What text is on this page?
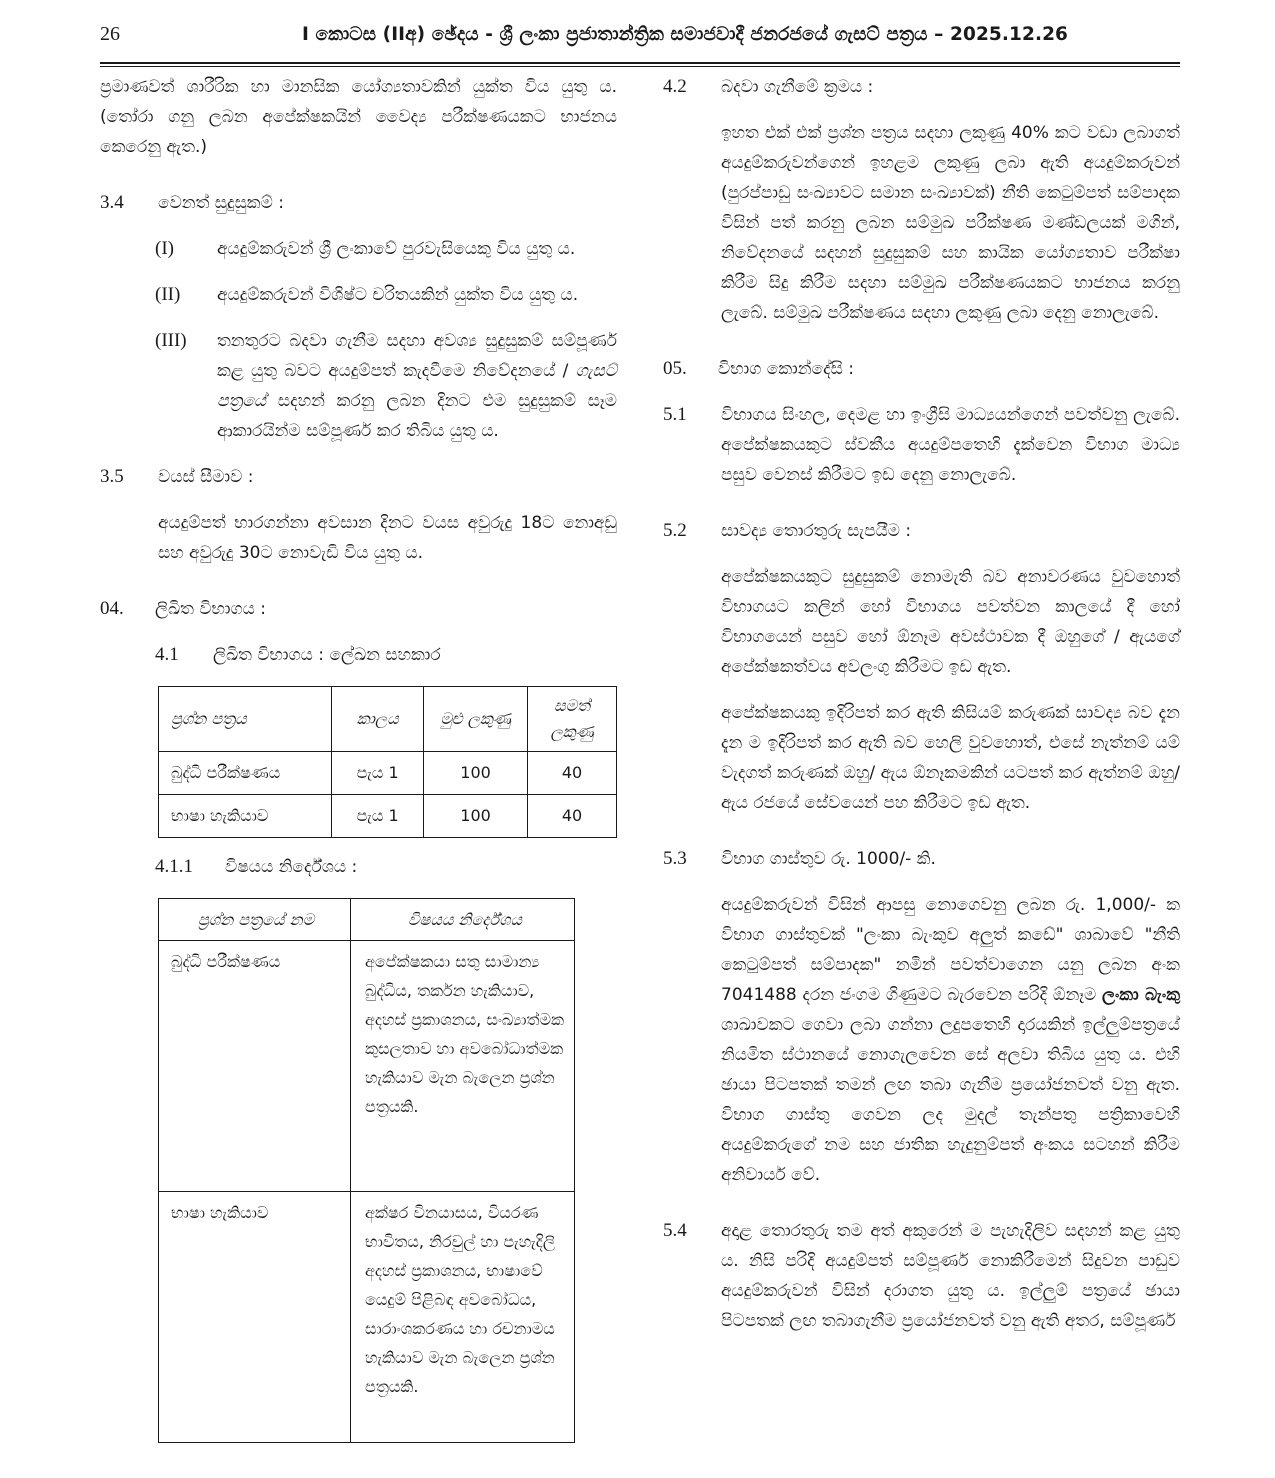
26	I කොටස (IIඅ) ඡේදය - ශ්‍රී ලංකා ප්‍රජාතාන්ත්‍රික සමාජවාදී ජනරජයේ ගැසට් පත්‍රය – 2025.12.26
ප්‍රමාණවත් ශාරීරික හා මානසික යෝග්‍යතාවකින් යුක්ත විය යුතු ය. (තෝරා ගනු ලබන අපේක්ෂකයින් වෛද්‍ය පරීක්ෂණයකට භාජනය කෙරෙනු ඇත.)
3.4	වෙනත් සුදුසුකම් :
(I)	අයදුම්කරුවන් ශ්‍රී ලංකාවේ පුරවැසියෙකු විය යුතු ය.
(II)	අයදුම්කරුවන් විශිෂ්ට චරිතයකින් යුක්ත විය යුතු ය.
(III)	තනතුරට බදවා ගැනීම සදහා අවශ්‍ය සුදුසුකම් සම්පූර්ණ කළ යුතු බවට අයදුම්පත් කැදවීමෙ නිවේදනයේ / ගැසට් පත්‍රයේ සදහන් කරනු ලබන දිනට එම සුදුසුකම් සෑම ආකාරයින්ම සම්පූර්ණ කර තිබිය යුතු ය.
3.5	වයස් සීමාව :
අයදුම්පත් භාරගන්නා අවසාන දිනට වයස අවුරුදු 18ට නොඅඩු සහ අවුරුදු 30ට නොවැඩි විය යුතු ය.
04.	ලිඛිත විභාගය :
4.1	ලිඛිත විභාගය : ලේඛන සහකාර
ප්‍රශ්න පත්‍රය	කාලය	මුළු ලකුණු	සමත් ලකුණු
බුද්ධි පරීක්ෂණය	පැය 1	100	40
භාෂා හැකියාව	පැය 1	100	40
4.1.1	විෂයය නිර්දේශය :
ප්‍රශ්න පත්‍රයේ නම	විෂයය නිර්දේශය
බුද්ධි පරීක්ෂණය	අපේක්ෂකයා සතු සාමාන්‍ය බුද්ධිය, තර්කන හැකියාව, අදහස් ප්‍රකාශනය, සංඛ්‍යාත්මක කුසලතාව හා අවබෝධාත්මක හැකියාව මැන බැලෙන ප්‍රශ්න පත්‍රයකි.
භාෂා හැකියාව	අක්ෂර විනයාසය, වියරණ භාවිතය, නිරවුල් හා පැහැදිලි අදහස් ප්‍රකාශනය, භාෂාවේ යෙදුම් පිළිබඳ අවබෝධය, සාරාංශකරණය හා රචනාමය හැකියාව මැන බැලෙන ප්‍රශ්න පත්‍රයකි.
4.2	බදවා ගැනීමේ ක්‍රමය :
ඉහත එක් එක් ප්‍රශ්න පත්‍රය සදහා ලකුණු 40% කට වඩා ලබාගත් අයදුම්කරුවන්ගෙන් ඉහළම ලකුණු ලබා ඇති අයදුම්කරුවන් (පුරප්පාඩු සංඛ්‍යාවට සමාන සංඛ්‍යාවක්) නීති කෙටුම්පත් සම්පාදක විසින් පත් කරනු ලබන සම්මුඛ පරීක්ෂණ මණ්ඩලයක් මගින්, නිවේදනයේ සදහන් සුදුසුකම් සහ කායික යෝග්‍යතාව පරීක්ෂා කිරීම සිදු කිරීම සදහා සම්මුඛ පරීක්ෂණයකට භාජනය කරනු ලැබේ. සම්මුඛ පරීක්ෂණය සදහා ලකුණු ලබා දෙනු නොලැබේ.
05.	විභාග කොන්දේසි :
5.1	විභාගය සිංහල, දෙමළ හා ඉංග්‍රීසි මාධ්‍යයන්ගෙන් පවත්වනු ලැබේ. අපේක්ෂකයකුට ස්වකීය අයදුම්පතෙහි දැක්වෙන විභාග මාධ්‍ය පසුව වෙනස් කිරීමට ඉඩ දෙනු නොලැබේ.
5.2	සාවද්‍ය තොරතුරු සැපයීම :
අපේක්ෂකයකුට සුදුසුකම් නොමැති බව අනාවරණය වුවහොත් විභාගයට කලින් හෝ විභාගය පවත්වන කාලයේ දී හෝ විභාගයෙන් පසුව හෝ ඕනෑම අවස්ථාවක දී ඔහුගේ / ඇයගේ අපේක්ෂකත්වය අවලංගු කිරීමට ඉඩ ඇත.
අපේක්ෂකයකු ඉදිරිපත් කර ඇති කිසියම් කරුණක් සාවද්‍ය බව දැන දැන ම ඉදිරිපත් කර ඇති බව හෙලි වුවහොත්, එසේ නැත්නම් යම් වැදගත් කරුණක් ඔහු/ ඇය ඕනෑකමකින් යටපත් කර ඇත්නම් ඔහු/ ඇය රජයේ සේවයෙන් පහ කිරීමට ඉඩ ඇත.
5.3	විභාග ගාස්තුව රු. 1000/- කි.
අයදුම්කරුවන් විසින් ආපසු නොගෙවනු ලබන රු. 1,000/- ක විභාග ගාස්තුවක් "ලංකා බැංකුව අලුත් කඩේ" ශාබාවේ "නීති කෙටුම්පත් සම්පාදක" නමින් පවත්වාගෙන යනු ලබන අංක 7041488 දරන ජංගම ගිණුමට බැරවෙන පරිදි ඕනෑම ලංකා බැංකු ශාඛාවකට ගෙවා ලබා ගන්නා ලදුපතෙහි දාරයකින් ඉල්ලුම්පත්‍රයේ නියමිත ස්ථානයේ නොගැලවෙන සේ අලවා තිබිය යුතු ය. එහි ඡායා පිටපතක් තමන් ලඟ තබා ගැනීම ප්‍රයෝජනවත් වනු ඇත. විභාග ගාස්තු ගෙවන ලද මුදල් තැන්පතු පත්‍රිකාවෙහි අයදුම්කරුගේ නම සහ ජාතික හැදුනුම්පත් අංකය සටහන් කිරීම අනිවාර්ය වේ.
5.4	අදාළ තොරතුරු තම අත් අකුරෙන් ම පැහැදිලිව සදහන් කළ යුතු ය. නිසි පරිදි අයදුම්පත් සම්පූර්ණ නොකිරීමෙන් සිදුවන පාඩුව අයදුම්කරුවන් විසින් දරාගත යුතු ය. ඉල්ලුම් පත්‍රයේ ඡායා පිටපතක් ලඟ තබාගැනීම ප්‍රයෝජනවත් වනු ඇති අතර, සම්පූර්ණ
